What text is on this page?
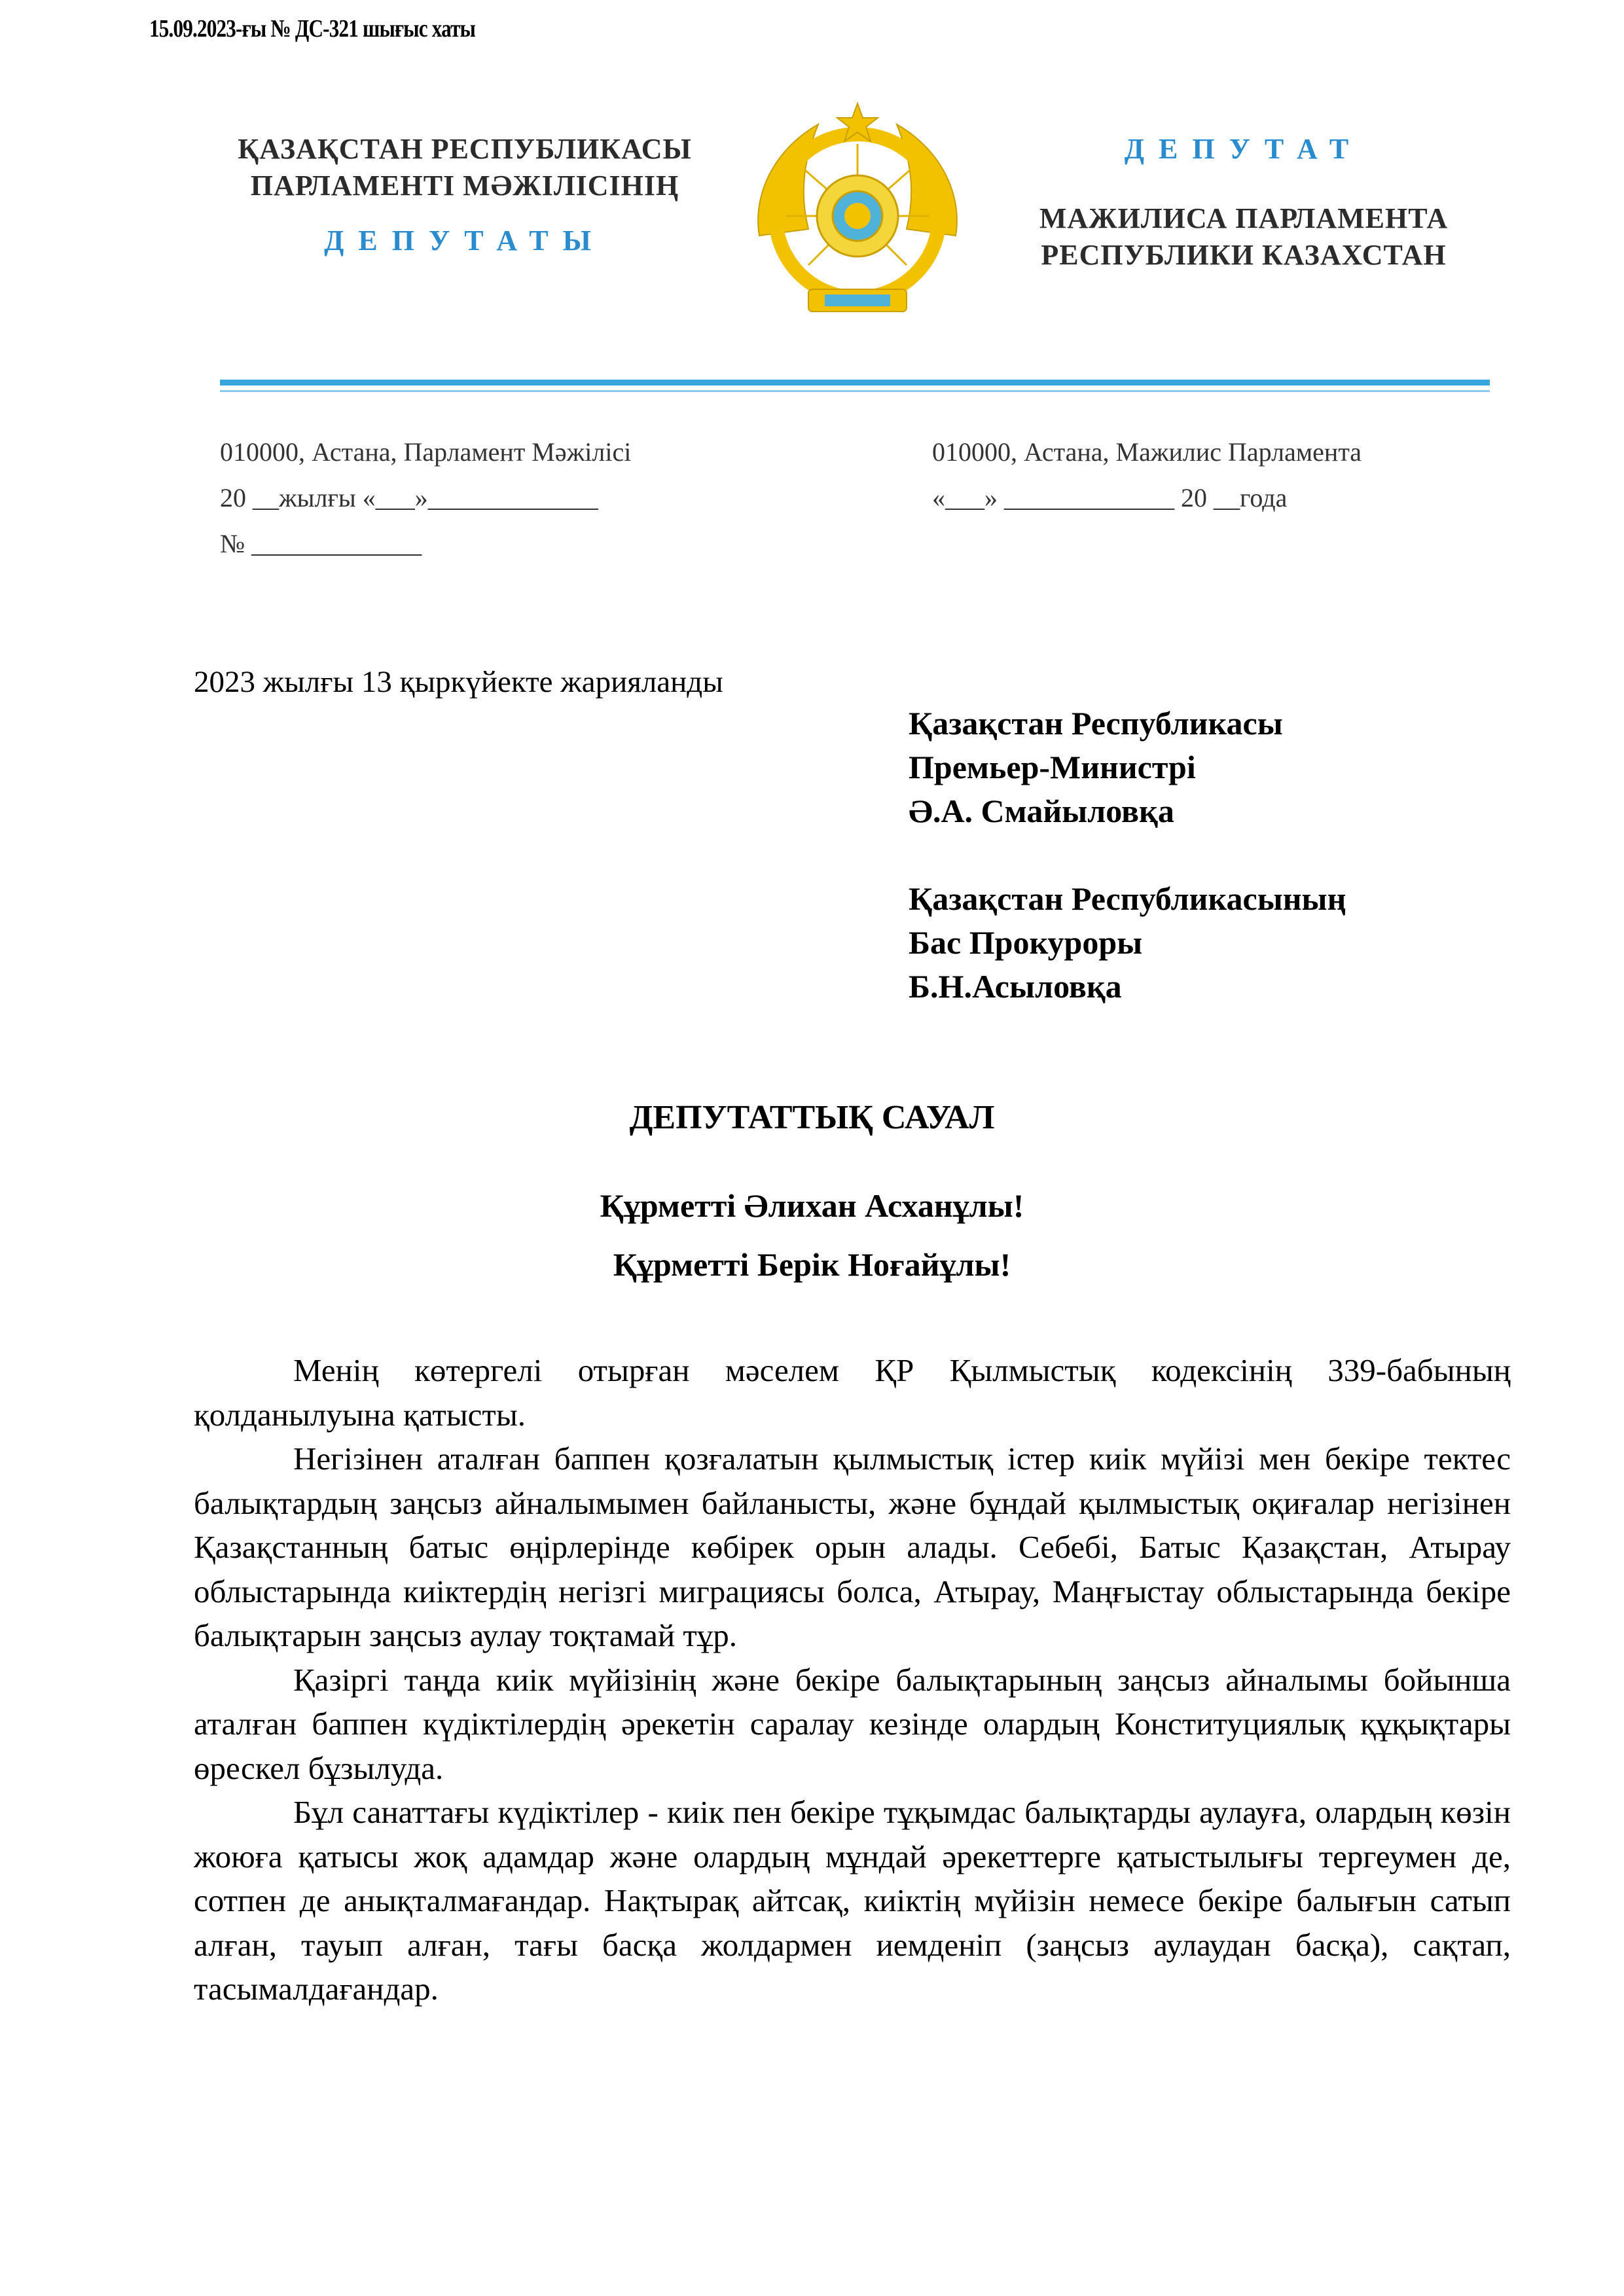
15.09.2023-ғы № ДС-321 шығыс хаты
ҚАЗАҚСТАН РЕСПУБЛИКАСЫ
ПАРЛАМЕНТІ МӘЖІЛІСІНІҢ
ДЕПУТАТЫ
ДЕПУТАТ
МАЖИЛИСА ПАРЛАМЕНТА
РЕСПУБЛИКИ КАЗАХСТАН
010000, Астана, Парламент Мәжілісі
20 __жылғы «___»_____________
№ _____________
010000, Астана, Мажилис Парламента
«___» _____________ 20 __года
2023 жылғы 13 қыркүйекте жарияланды
Қазақстан Республикасы
Премьер-Министрі
Ә.А. Смайыловқа
Қазақстан Республикасының
Бас Прокуроры
Б.Н.Асыловқа
ДЕПУТАТТЫҚ САУАЛ
Құрметті Әлихан Асханұлы!
Құрметті Берік Ноғайұлы!

Менің көтергелі отырған мәселем ҚР Қылмыстық кодексінің 339-бабының қолданылуына қатысты.

Негізінен аталған баппен қозғалатын қылмыстық істер киік мүйізі мен бекіре тектес балықтардың заңсыз айналымымен байланысты, және бұндай қылмыстық оқиғалар негізінен Қазақстанның батыс өңірлерінде көбірек орын алады. Себебі, Батыс Қазақстан, Атырау облыстарында киіктердің негізгі миграциясы болса, Атырау, Маңғыстау облыстарында бекіре балықтарын заңсыз аулау тоқтамай тұр.

Қазіргі таңда киік мүйізінің және бекіре балықтарының заңсыз айналымы бойынша аталған баппен күдіктілердің әрекетін саралау кезінде олардың Конституциялық құқықтары өрескел бұзылуда.

Бұл санаттағы күдіктілер - киік пен бекіре тұқымдас балықтарды аулауға, олардың көзін жоюға қатысы жоқ адамдар және олардың мұндай әрекеттерге қатыстылығы тергеумен де, сотпен де анықталмағандар. Нақтырақ айтсақ, киіктің мүйізін немесе бекіре балығын сатып алған, тауып алған, тағы басқа жолдармен иемденіп (заңсыз аулаудан басқа), сақтап, тасымалдағандар.
